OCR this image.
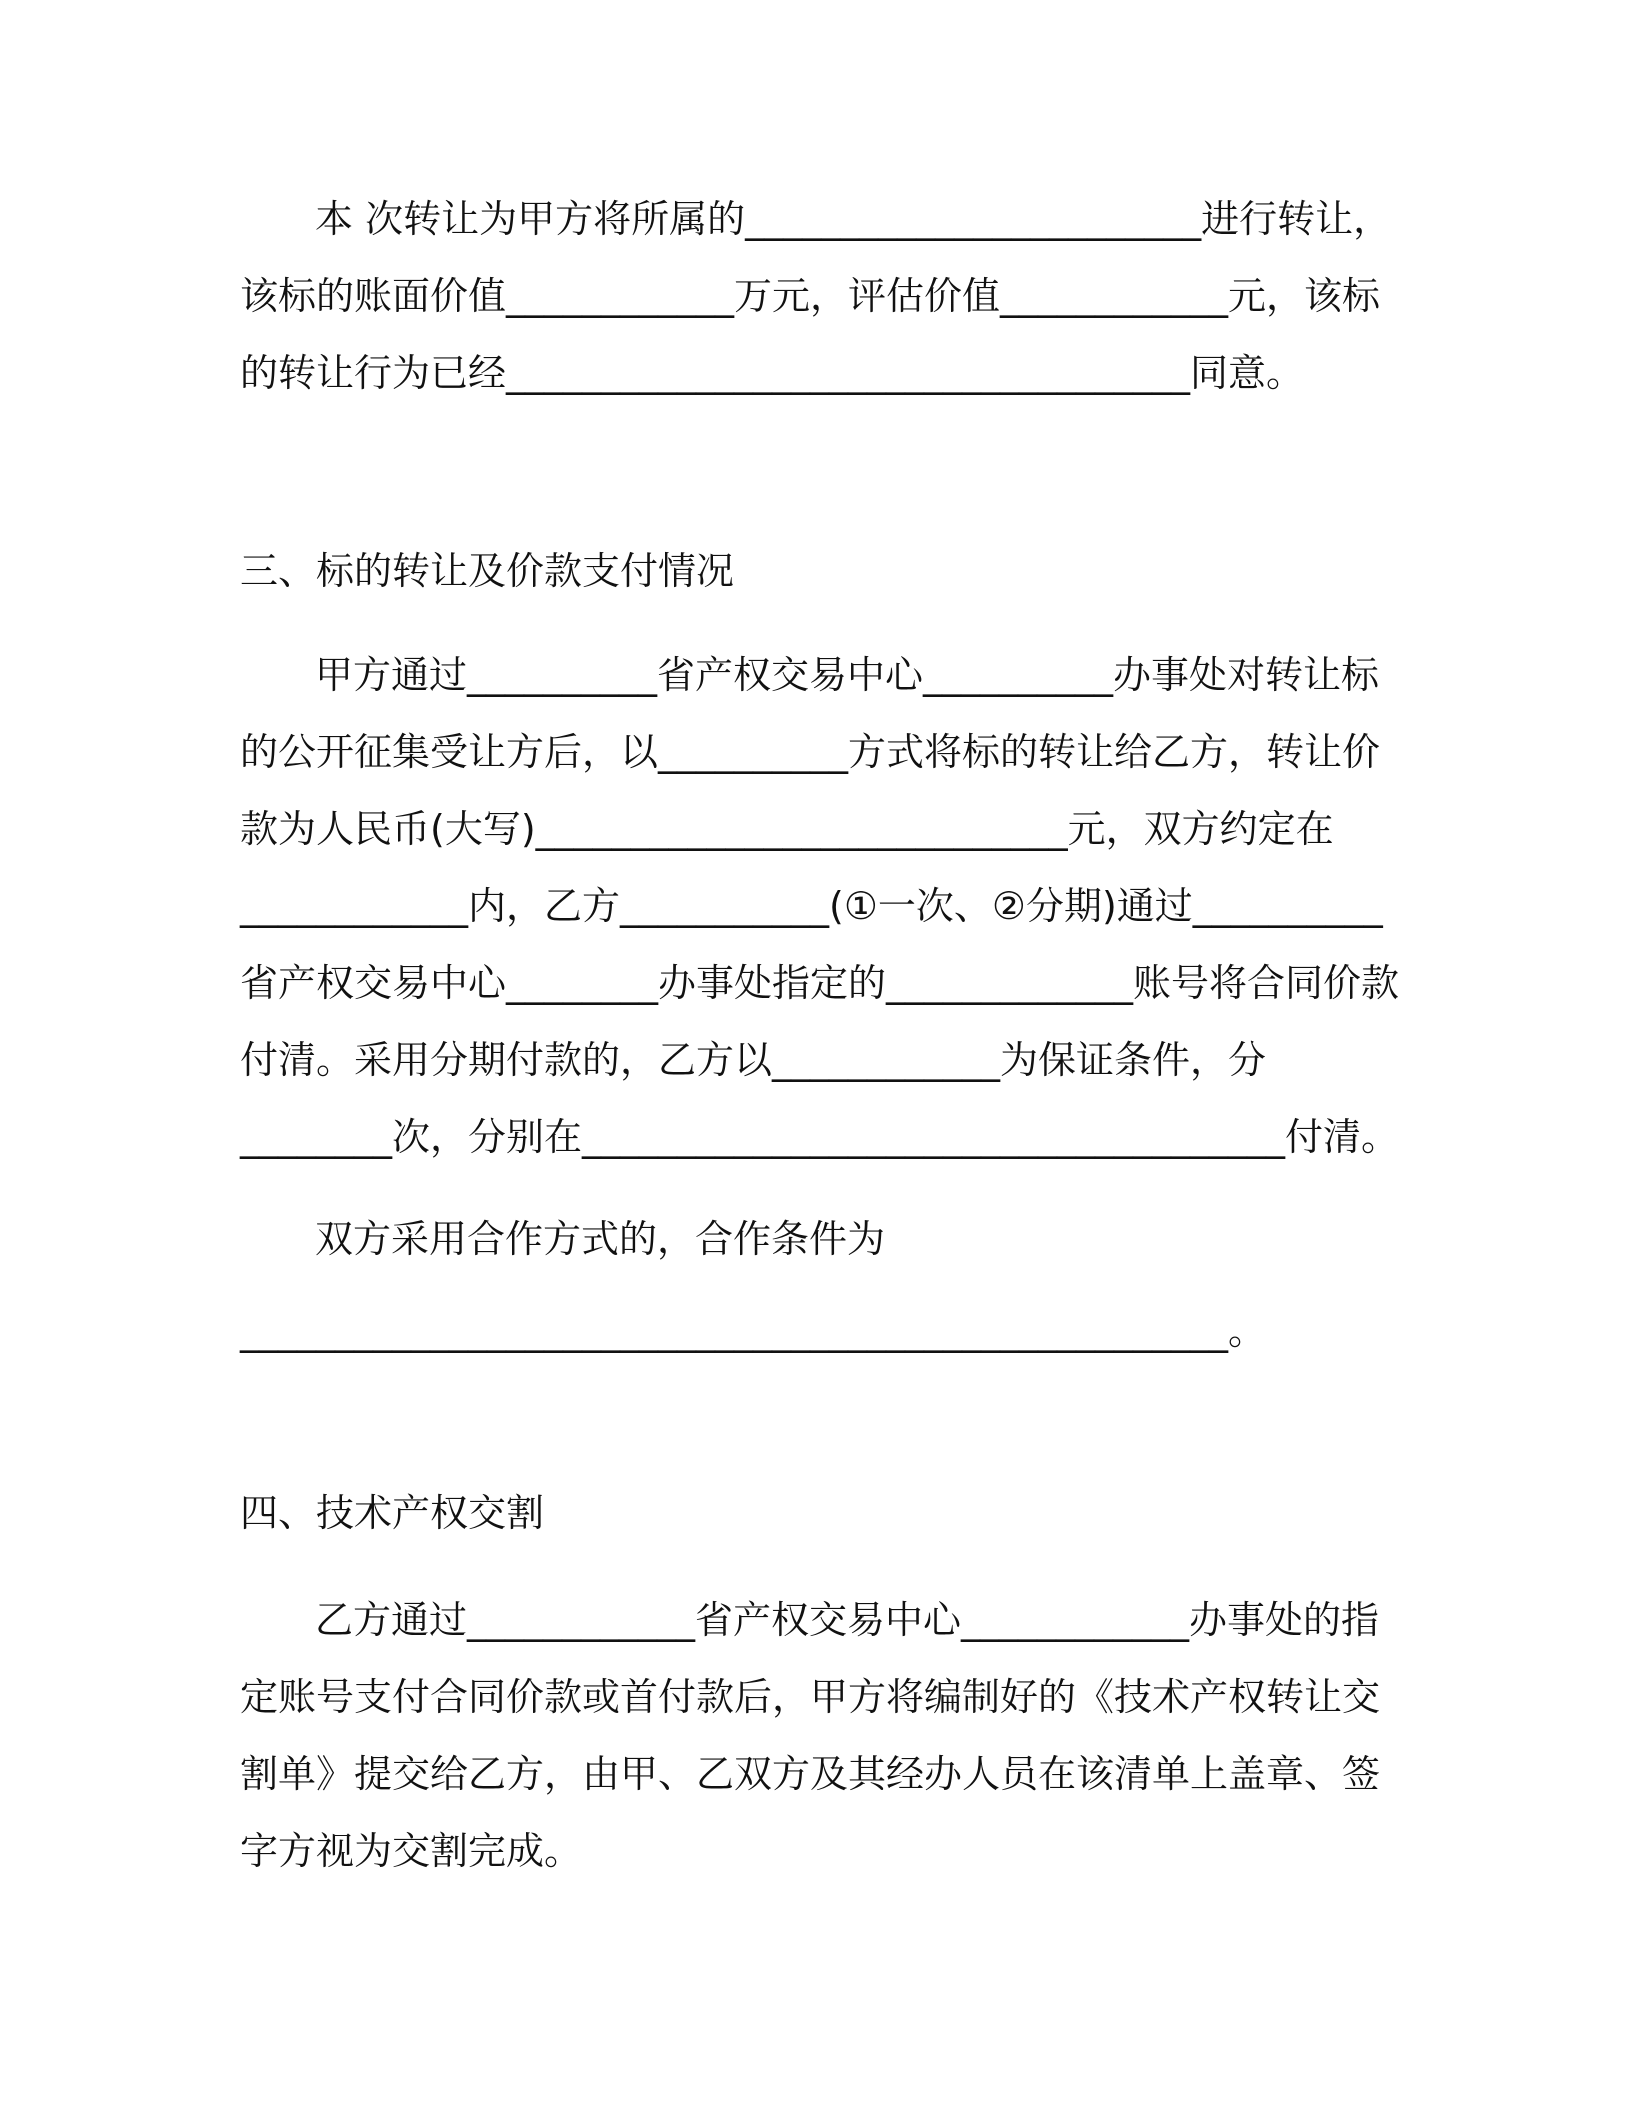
本 次转让为甲方将所属的________________________进行转让，
该标的账面价值____________万元，评估价值____________元，该标
的转让行为已经____________________________________同意。
三、标的转让及价款支付情况
甲方通过__________省产权交易中心__________办事处对转让标
的公开征集受让方后，以__________方式将标的转让给乙方，转让价
款为人民币(大写)____________________________元，双方约定在
____________内，乙方___________(①一次、②分期)通过__________
省产权交易中心________办事处指定的_____________账号将合同价款
付清。采用分期付款的，乙方以____________为保证条件，分
________次，分别在_____________________________________付清。
双方采用合作方式的，合作条件为
____________________________________________________。
四、技术产权交割
乙方通过____________省产权交易中心____________办事处的指
定账号支付合同价款或首付款后，甲方将编制好的《技术产权转让交
割单》提交给乙方，由甲、乙双方及其经办人员在该清单上盖章、签
字方视为交割完成。
